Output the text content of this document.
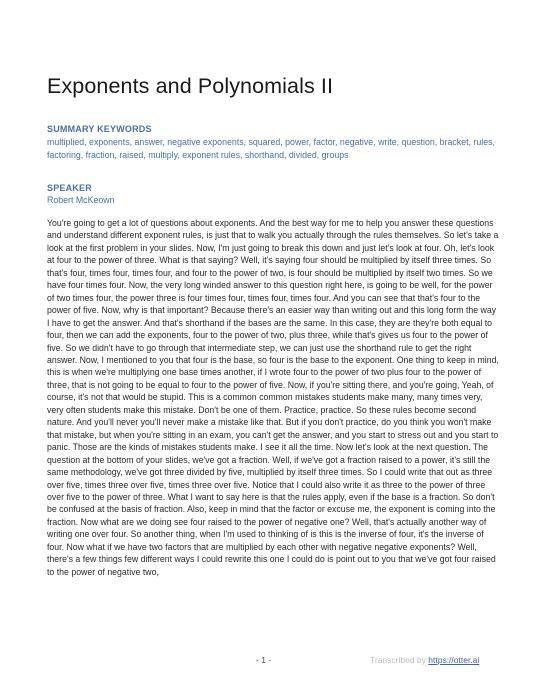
Exponents and Polynomials II
SUMMARY KEYWORDS
multiplied, exponents, answer, negative exponents, squared, power, factor, negative, write, question, bracket, rules, factoring, fraction, raised, multiply, exponent rules, shorthand, divided, groups
SPEAKER
Robert McKeown
You're going to get a lot of questions about exponents. And the best way for me to help you answer these questions and understand different exponent rules, is just that to walk you actually through the rules themselves. So let's take a look at the first problem in your slides. Now, I'm just going to break this down and just let's look at four. Oh, let's look at four to the power of three. What is that saying? Well, it's saying four should be multiplied by itself three times. So that's four, times four, times four, and four to the power of two, is four should be multiplied by itself two times. So we have four times four. Now, the very long winded answer to this question right here, is going to be well, for the power of two times four, the power three is four times four, times four, times four. And you can see that that's four to the power of five. Now, why is that important? Because there's an easier way than writing out and this long form the way I have to get the answer. And that's shorthand if the bases are the same. In this case, they are they're both equal to four, then we can add the exponents, four to the power of two, plus three, while that's gives us four to the power of five. So we didn't have to go through that intermediate step, we can just use the shorthand rule to get the right answer. Now, I mentioned to you that four is the base, so four is the base to the exponent. One thing to keep in mind, this is when we're multiplying one base times another, if I wrote four to the power of two plus four to the power of three, that is not going to be equal to four to the power of five. Now, if you're sitting there, and you're going, Yeah, of course, it's not that would be stupid. This is a common common mistakes students make many, many times very, very often students make this mistake. Don't be one of them. Practice, practice. So these rules become second nature. And you'll never you'll never make a mistake like that. But if you don't practice, do you think you won't make that mistake, but when you're sitting in an exam, you can't get the answer, and you start to stress out and you start to panic. Those are the kinds of mistakes students make. I see it all the time. Now let's look at the next question. The question at the bottom of your slides, we've got a fraction. Well, if we've got a fraction raised to a power, it's still the same methodology, we've got three divided by five, multiplied by itself three times. So I could write that out as three over five, times three over five, times three over five. Notice that I could also write it as three to the power of three over five to the power of three. What I want to say here is that the rules apply, even if the base is a fraction. So don't be confused at the basis of fraction. Also, keep in mind that the factor or excuse me, the exponent is coming into the fraction. Now what are we doing see four raised to the power of negative one? Well, that's actually another way of writing one over four. So another thing, when I'm used to thinking of is this is the inverse of four, it's the inverse of four. Now what if we have two factors that are multiplied by each other with negative negative exponents? Well, there's a few things few different ways I could rewrite this one I could do is point out to you that we've got four raised to the power of negative two,
- 1 -	Transcribed by https://otter.ai
